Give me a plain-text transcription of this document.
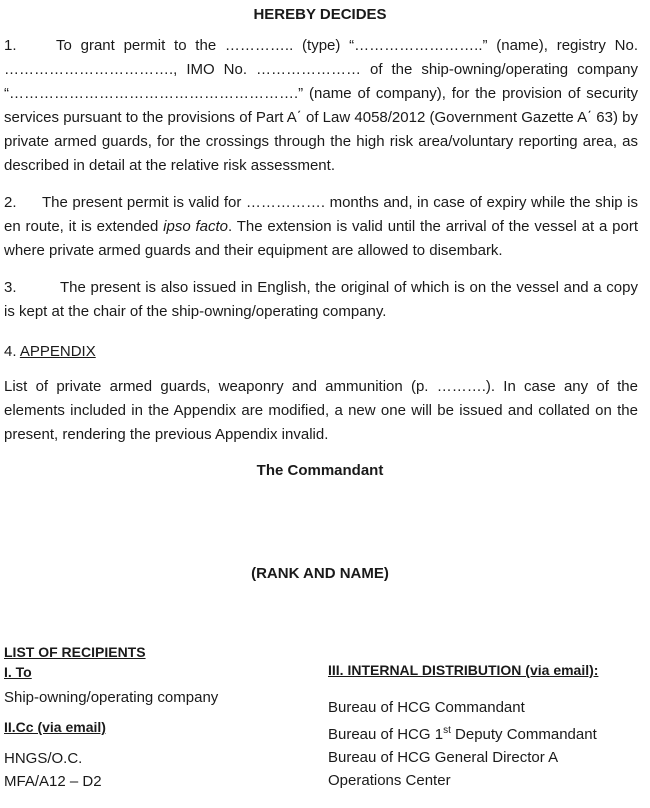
HEREBY DECIDES

1.	To grant permit to the ………….. (type) “……………………..” (name), registry No. ……………………………., IMO No. ………………… of the ship-owning/operating company “………………………………………………….” (name of company), for the provision of security services pursuant to the provisions of Part A΄ of Law 4058/2012 (Government Gazette A΄ 63) by private armed guards, for the crossings through the high risk area/voluntary reporting area, as described in detail at the relative risk assessment.

2. The present permit is valid for ……………. months and, in case of expiry while the ship is en route, it is extended ipso facto. The extension is valid until the arrival of the vessel at a port where private armed guards and their equipment are allowed to disembark.

3.	The present is also issued in English, the original of which is on the vessel and a copy is kept at the chair of the ship-owning/operating company.

4. APPENDIX

List of private armed guards, weaponry and ammunition (p. ……….). In case any of the elements included in the Appendix are modified, a new one will be issued and collated on the present, rendering the previous Appendix invalid.

The Commandant
(RANK AND NAME)
LIST OF RECIPIENTS
I. To
Ship-owning/operating company
II.Cc (via email)
HNGS/O.C.
MFA/A12 – D2
III. INTERNAL DISTRIBUTION (via email):
Bureau of HCG Commandant
Bureau of HCG 1st Deputy Commandant
Bureau of HCG General Director A
Operations Center
